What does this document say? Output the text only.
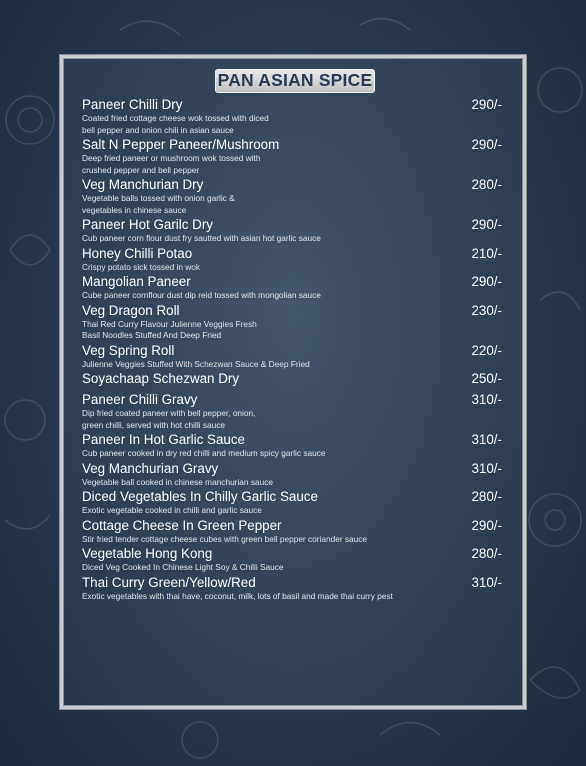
PAN ASIAN SPICE
Paneer Chilli Dry	290/-
Coated fried cottage cheese wok tossed with diced
bell pepper and onion chili in asian sauce
Salt N Pepper Paneer/Mushroom	290/-
Deep fried paneer or mushroom wok tossed with
crushed pepper and bell pepper
Veg Manchurian Dry	280/-
Vegetable balls tossed with onion garlic &
vegetables in chinese sauce
Paneer Hot Garilc Dry	290/-
Cub paneer corn flour dust fry sautted with asian hot garlic sauce
Honey Chilli Potao	210/-
Crispy potato sick tossed in wok
Mangolian Paneer	290/-
Cube paneer cornflour dust dip reid tossed with mongolian sauce
Veg Dragon Roll	230/-
Thai Red Curry Flavour Julienne Veggies Fresh
Basil Noodles Stuffed And Deep Fried
Veg Spring Roll	220/-
Julienne Veggies Stuffed With Schezwan Sauce & Deep Fried
Soyachaap Schezwan Dry	250/-
Paneer Chilli Gravy	310/-
Dip fried coated paneer with bell pepper, onion,
green chilli, served with hot chilli sauce
Paneer In Hot Garlic Sauce	310/-
Cub paneer cooked in dry red chilli and medium spicy garlic sauce
Veg Manchurian Gravy	310/-
Vegetable ball cooked in chinese manchurian sauce
Diced Vegetables In Chilly Garlic Sauce	280/-
Exotic vegetable cooked in chilli and garlic sauce
Cottage Cheese In Green Pepper	290/-
Stir fried tender cottage cheese cubes with green bell pepper coriander sauce
Vegetable Hong Kong	280/-
Diced Veg Cooked In Chinese Light Soy & Chilli Sauce
Thai Curry Green/Yellow/Red	310/-
Exotic vegetables with thai have, coconut, milk, lots of basil and made thai curry pest
